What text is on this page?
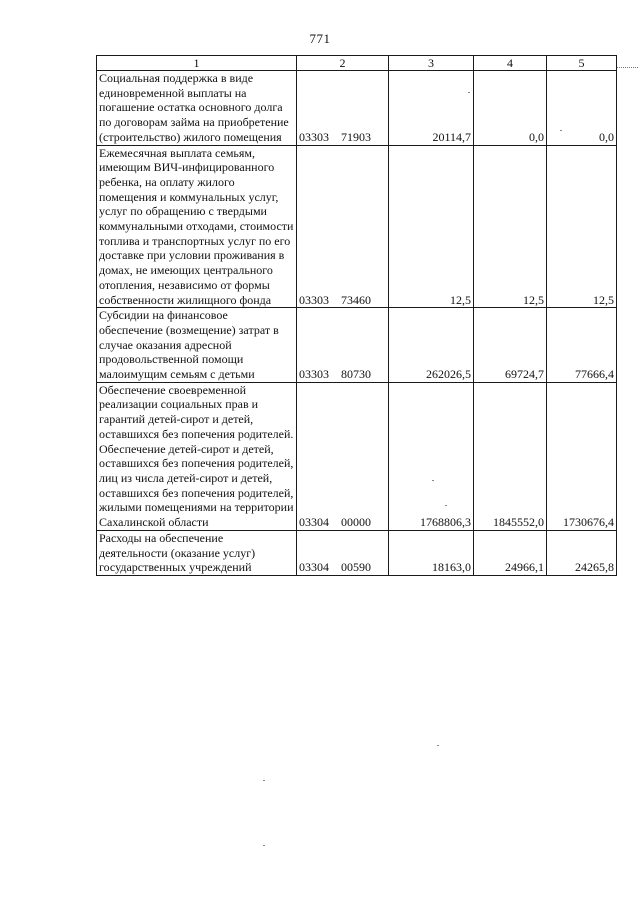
771
1	2	3	4	5
Социальная поддержка в виде единовременной выплаты на погашение остатка основного долга по договорам займа на приобретение (строительство) жилого помещения	03303 71903	20114,7	0,0	0,0
Ежемесячная выплата семьям, имеющим ВИЧ-инфицированного ребенка, на оплату жилого помещения и коммунальных услуг, услуг по обращению с твердыми коммунальными отходами, стоимости топлива и транспортных услуг по его доставке при условии проживания в домах, не имеющих центрального отопления, независимо от формы собственности жилищного фонда	03303 73460	12,5	12,5	12,5
Субсидии на финансовое обеспечение (возмещение) затрат в случае оказания адресной продовольственной помощи малоимущим семьям с детьми	03303 80730	262026,5	69724,7	77666,4
Обеспечение своевременной реализации социальных прав и гарантий детей-сирот и детей, оставшихся без попечения родителей. Обеспечение детей-сирот и детей, оставшихся без попечения родителей, лиц из числа детей-сирот и детей, оставшихся без попечения родителей, жилыми помещениями на территории Сахалинской области	03304 00000	1768806,3	1845552,0	1730676,4
Расходы на обеспечение деятельности (оказание услуг) государственных учреждений	03304 00590	18163,0	24966,1	24265,8
